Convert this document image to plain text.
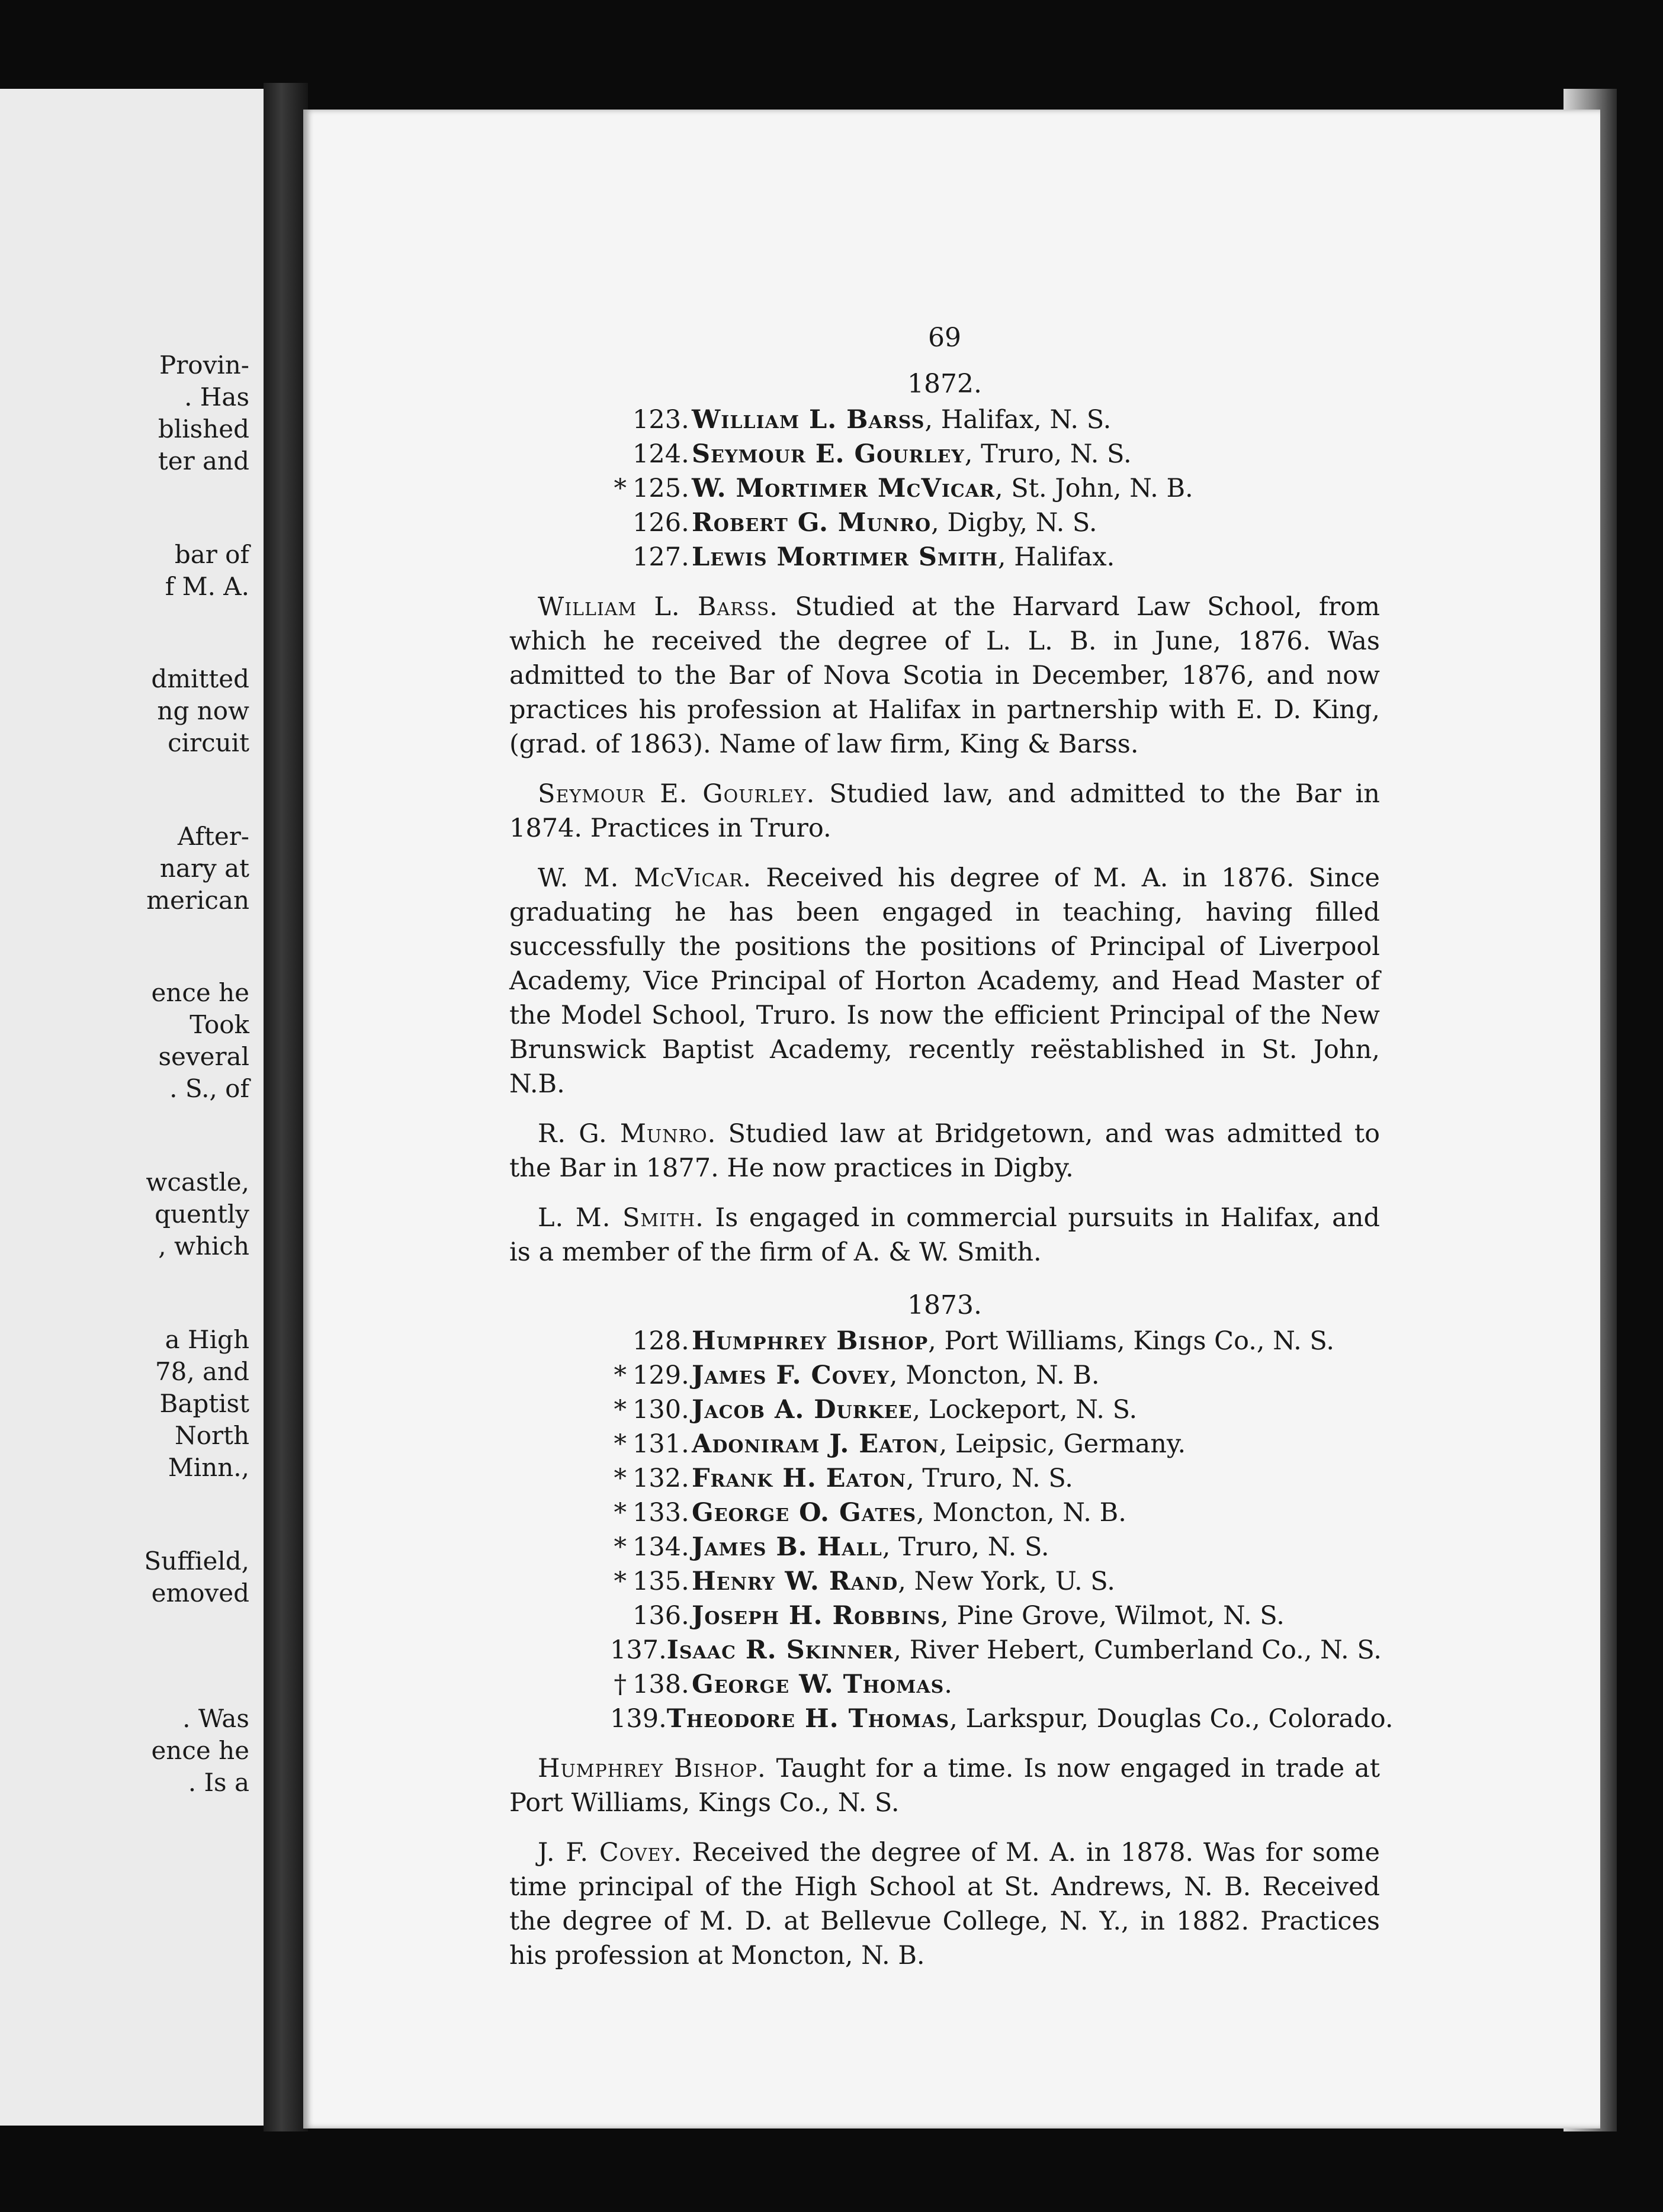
Provin-
. Has
blished
ter and
bar of
f M. A.
dmitted
ng now
circuit
After-
nary at
merican
ence he
Took
several
. S., of
wcastle,
quently
, which
a High
78, and
Baptist
North
Minn.,
Suffield,
emoved
. Was
ence he
. Is a

69

1872.

123. William L. Barss , Halifax, N. S.
124. Seymour E. Gourley , Truro, N. S.
* 125. W. Mortimer McVicar , St. John, N. B.
126. Robert G. Munro , Digby, N. S.
127. Lewis Mortimer Smith , Halifax.

William L. Barss. Studied at the Harvard Law School, from which he received the degree of L. L. B. in June, 1876. Was admitted to the Bar of Nova Scotia in December, 1876, and now practices his profession at Halifax in partnership with E. D. King, (grad. of 1863). Name of law firm, King & Barss.

Seymour E. Gourley. Studied law, and admitted to the Bar in 1874. Practices in Truro.

W. M. McVicar. Received his degree of M. A. in 1876. Since graduating he has been engaged in teaching, having filled successfully the positions the positions of Principal of Liverpool Academy, Vice Principal of Horton Academy, and Head Master of the Model School, Truro. Is now the efficient Principal of the New Brunswick Baptist Academy, recently reëstablished in St. John, N.B.

R. G. Munro. Studied law at Bridgetown, and was admitted to the Bar in 1877. He now practices in Digby.

L. M. Smith. Is engaged in commercial pursuits in Halifax, and is a member of the firm of A. & W. Smith.

1873.

128. Humphrey Bishop , Port Williams, Kings Co., N. S.
* 129. James F. Covey , Moncton, N. B.
* 130. Jacob A. Durkee , Lockeport, N. S.
* 131. Adoniram J. Eaton , Leipsic, Germany.
* 132. Frank H. Eaton , Truro, N. S.
* 133. George O. Gates , Moncton, N. B.
* 134. James B. Hall , Truro, N. S.
* 135. Henry W. Rand , New York, U. S.
136. Joseph H. Robbins , Pine Grove, Wilmot, N. S.
137. Isaac R. Skinner , River Hebert, Cumberland Co., N. S.
† 138. George W. Thomas .
139. Theodore H. Thomas , Larkspur, Douglas Co., Colorado.

Humphrey Bishop. Taught for a time. Is now engaged in trade at Port Williams, Kings Co., N. S.

J. F. Covey. Received the degree of M. A. in 1878. Was for some time principal of the High School at St. Andrews, N. B. Received the degree of M. D. at Bellevue College, N. Y., in 1882. Practices his profession at Moncton, N. B.
